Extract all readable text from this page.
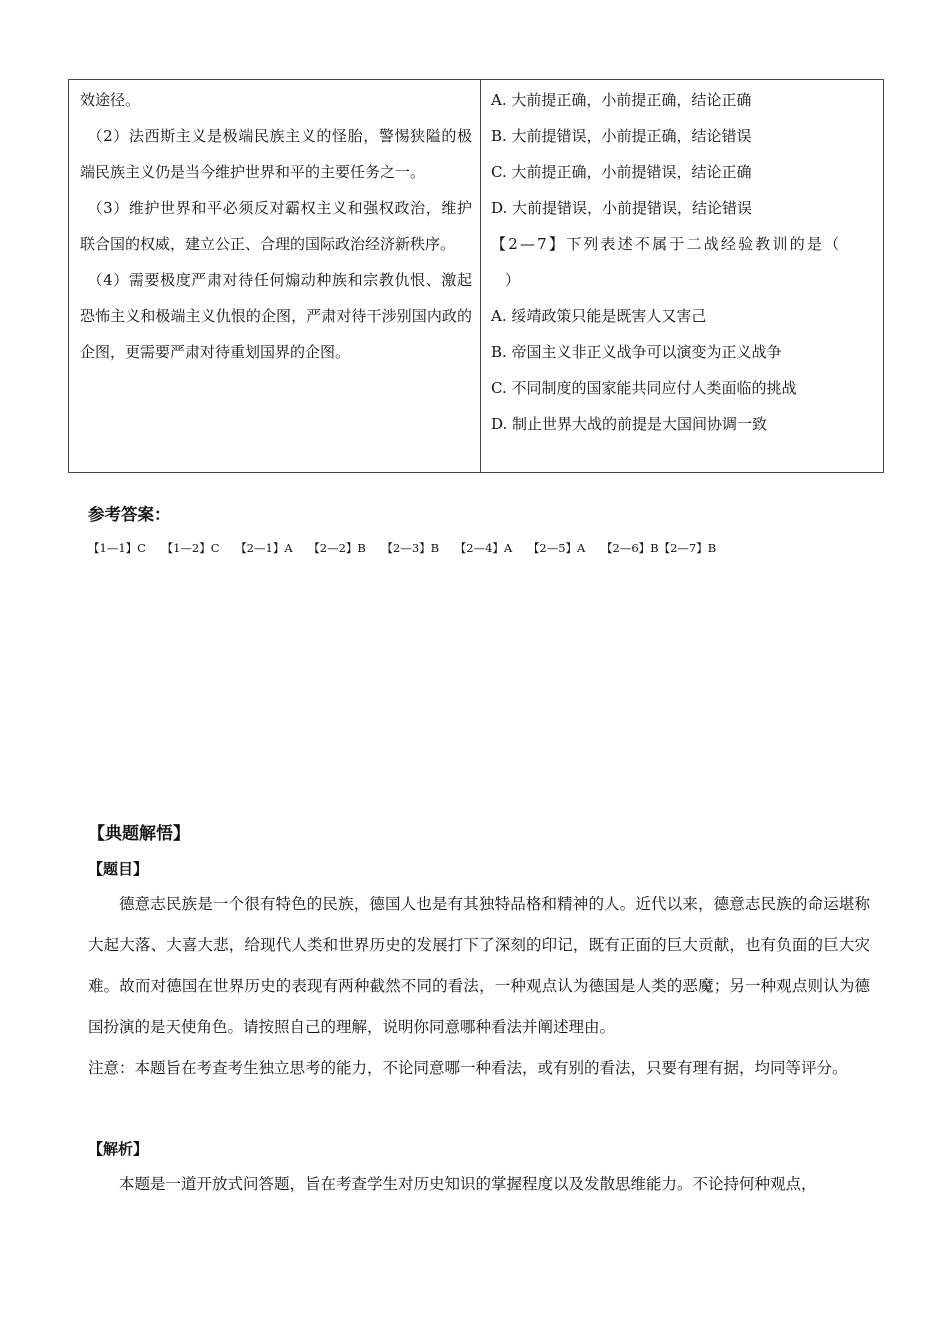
效途径。

（2）法西斯主义是极端民族主义的怪胎，警惕狭隘的极端民族主义仍是当今维护世界和平的主要任务之一。

（3）维护世界和平必须反对霸权主义和强权政治，维护联合国的权威，建立公正、合理的国际政治经济新秩序。

（4）需要极度严肃对待任何煽动种族和宗教仇恨、激起恐怖主义和极端主义仇恨的企图，严肃对待干涉别国内政的企图，更需要严肃对待重划国界的企图。

A. 大前提正确，小前提正确，结论正确

B. 大前提错误，小前提正确，结论错误

C. 大前提正确，小前提错误，结论正确

D. 大前提错误，小前提错误，结论错误

【2—7】下列表述不属于二战经验教训的是（

）

A. 绥靖政策只能是既害人又害己

B. 帝国主义非正义战争可以演变为正义战争

C. 不同制度的国家能共同应付人类面临的挑战

D. 制止世界大战的前提是大国间协调一致

参考答案：
【1—1】C 【1—2】C 【2—1】A 【2—2】B 【2—3】B 【2—4】A 【2—5】A 【2—6】B【2—7】B
【典题解悟】
【题目】
德意志民族是一个很有特色的民族，德国人也是有其独特品格和精神的人。近代以来，德意志民族的命运堪称大起大落、大喜大悲，给现代人类和世界历史的发展打下了深刻的印记，既有正面的巨大贡献，也有负面的巨大灾难。故而对德国在世界历史的表现有两种截然不同的看法，一种观点认为德国是人类的恶魔；另一种观点则认为德国扮演的是天使角色。请按照自己的理解，说明你同意哪种看法并阐述理由。
注意：本题旨在考查考生独立思考的能力，不论同意哪一种看法，或有别的看法，只要有理有据，均同等评分。
【解析】
本题是一道开放式问答题，旨在考查学生对历史知识的掌握程度以及发散思维能力。不论持何种观点，
